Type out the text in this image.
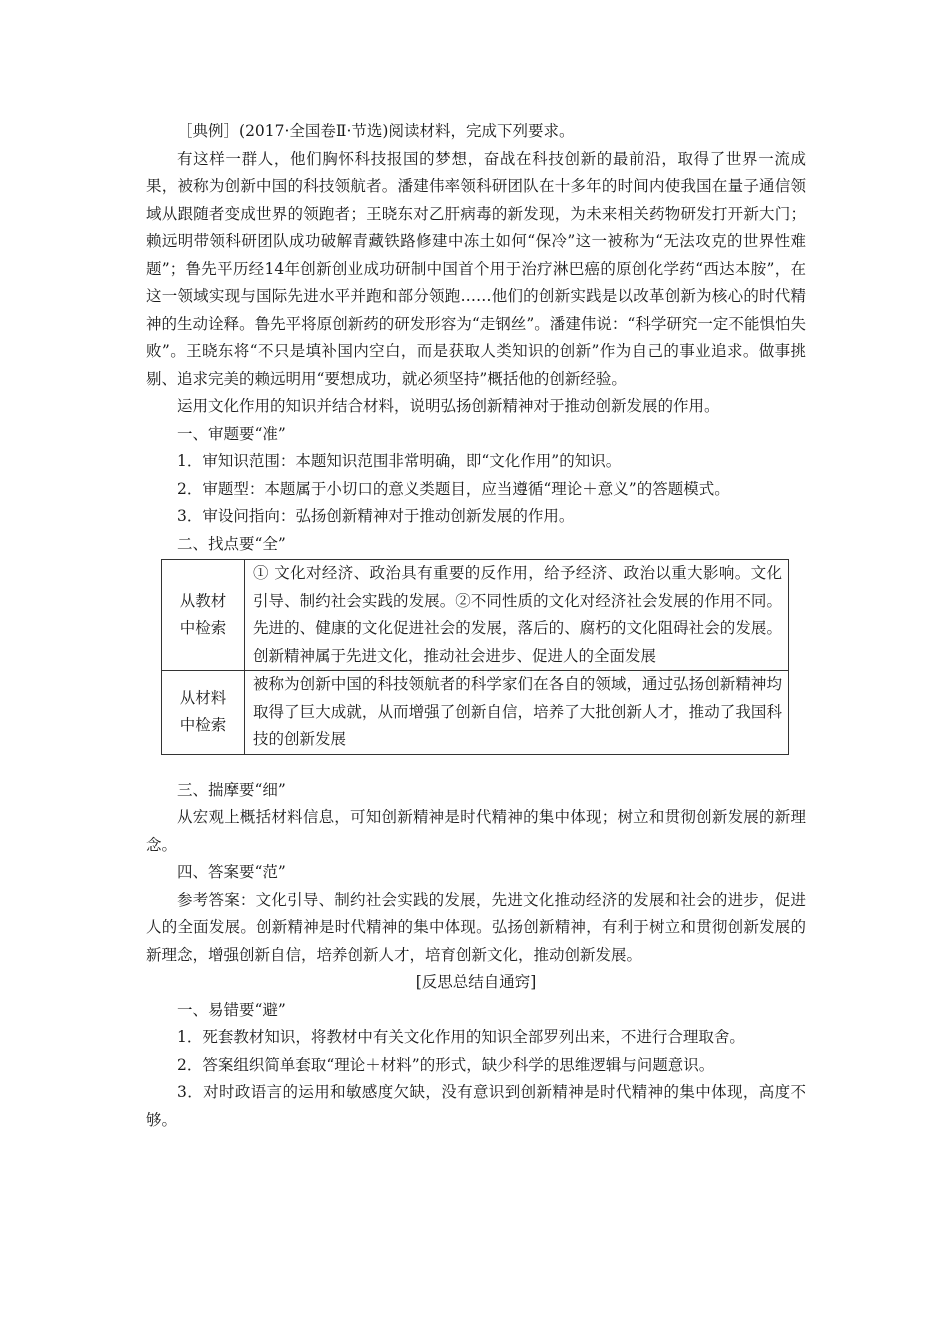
［典例］(2017·全国卷Ⅱ·节选)阅读材料，完成下列要求。

有这样一群人，他们胸怀科技报国的梦想，奋战在科技创新的最前沿，取得了世界一流成果，被称为创新中国的科技领航者。潘建伟率领科研团队在十多年的时间内使我国在量子通信领域从跟随者变成世界的领跑者；王晓东对乙肝病毒的新发现，为未来相关药物研发打开新大门；赖远明带领科研团队成功破解青藏铁路修建中冻土如何“保冷”这一被称为“无法攻克的世界性难题”；鲁先平历经14年创新创业成功研制中国首个用于治疗淋巴癌的原创化学药“西达本胺”，在这一领域实现与国际先进水平并跑和部分领跑……他们的创新实践是以改革创新为核心的时代精神的生动诠释。鲁先平将原创新药的研发形容为“走钢丝”。潘建伟说：“科学研究一定不能惧怕失败”。王晓东将“不只是填补国内空白，而是获取人类知识的创新”作为自己的事业追求。做事挑剔、追求完美的赖远明用“要想成功，就必须坚持”概括他的创新经验。

运用文化作用的知识并结合材料，说明弘扬创新精神对于推动创新发展的作用。

一、审题要“准”

1．审知识范围：本题知识范围非常明确，即“文化作用”的知识。

2．审题型：本题属于小切口的意义类题目，应当遵循“理论＋意义”的答题模式。

3．审设问指向：弘扬创新精神对于推动创新发展的作用。

二、找点要“全”

从教材
中检索	① 文化对经济、政治具有重要的反作用，给予经济、政治以重大影响。文化引导、制约社会实践的发展。②不同性质的文化对经济社会发展的作用不同。先进的、健康的文化促进社会的发展，落后的、腐朽的文化阻碍社会的发展。创新精神属于先进文化，推动社会进步、促进人的全面发展

从材料
中检索	被称为创新中国的科技领航者的科学家们在各自的领域，通过弘扬创新精神均取得了巨大成就，从而增强了创新自信，培养了大批创新人才，推动了我国科技的创新发展

三、揣摩要“细”

从宏观上概括材料信息，可知创新精神是时代精神的集中体现；树立和贯彻创新发展的新理念。

四、答案要“范”

参考答案：文化引导、制约社会实践的发展，先进文化推动经济的发展和社会的进步，促进人的全面发展。创新精神是时代精神的集中体现。弘扬创新精神，有利于树立和贯彻创新发展的新理念，增强创新自信，培养创新人才，培育创新文化，推动创新发展。

[反思总结自通窍]

一、易错要“避”

1．死套教材知识，将教材中有关文化作用的知识全部罗列出来，不进行合理取舍。

2．答案组织简单套取“理论＋材料”的形式，缺少科学的思维逻辑与问题意识。

3．对时政语言的运用和敏感度欠缺，没有意识到创新精神是时代精神的集中体现，高度不够。
